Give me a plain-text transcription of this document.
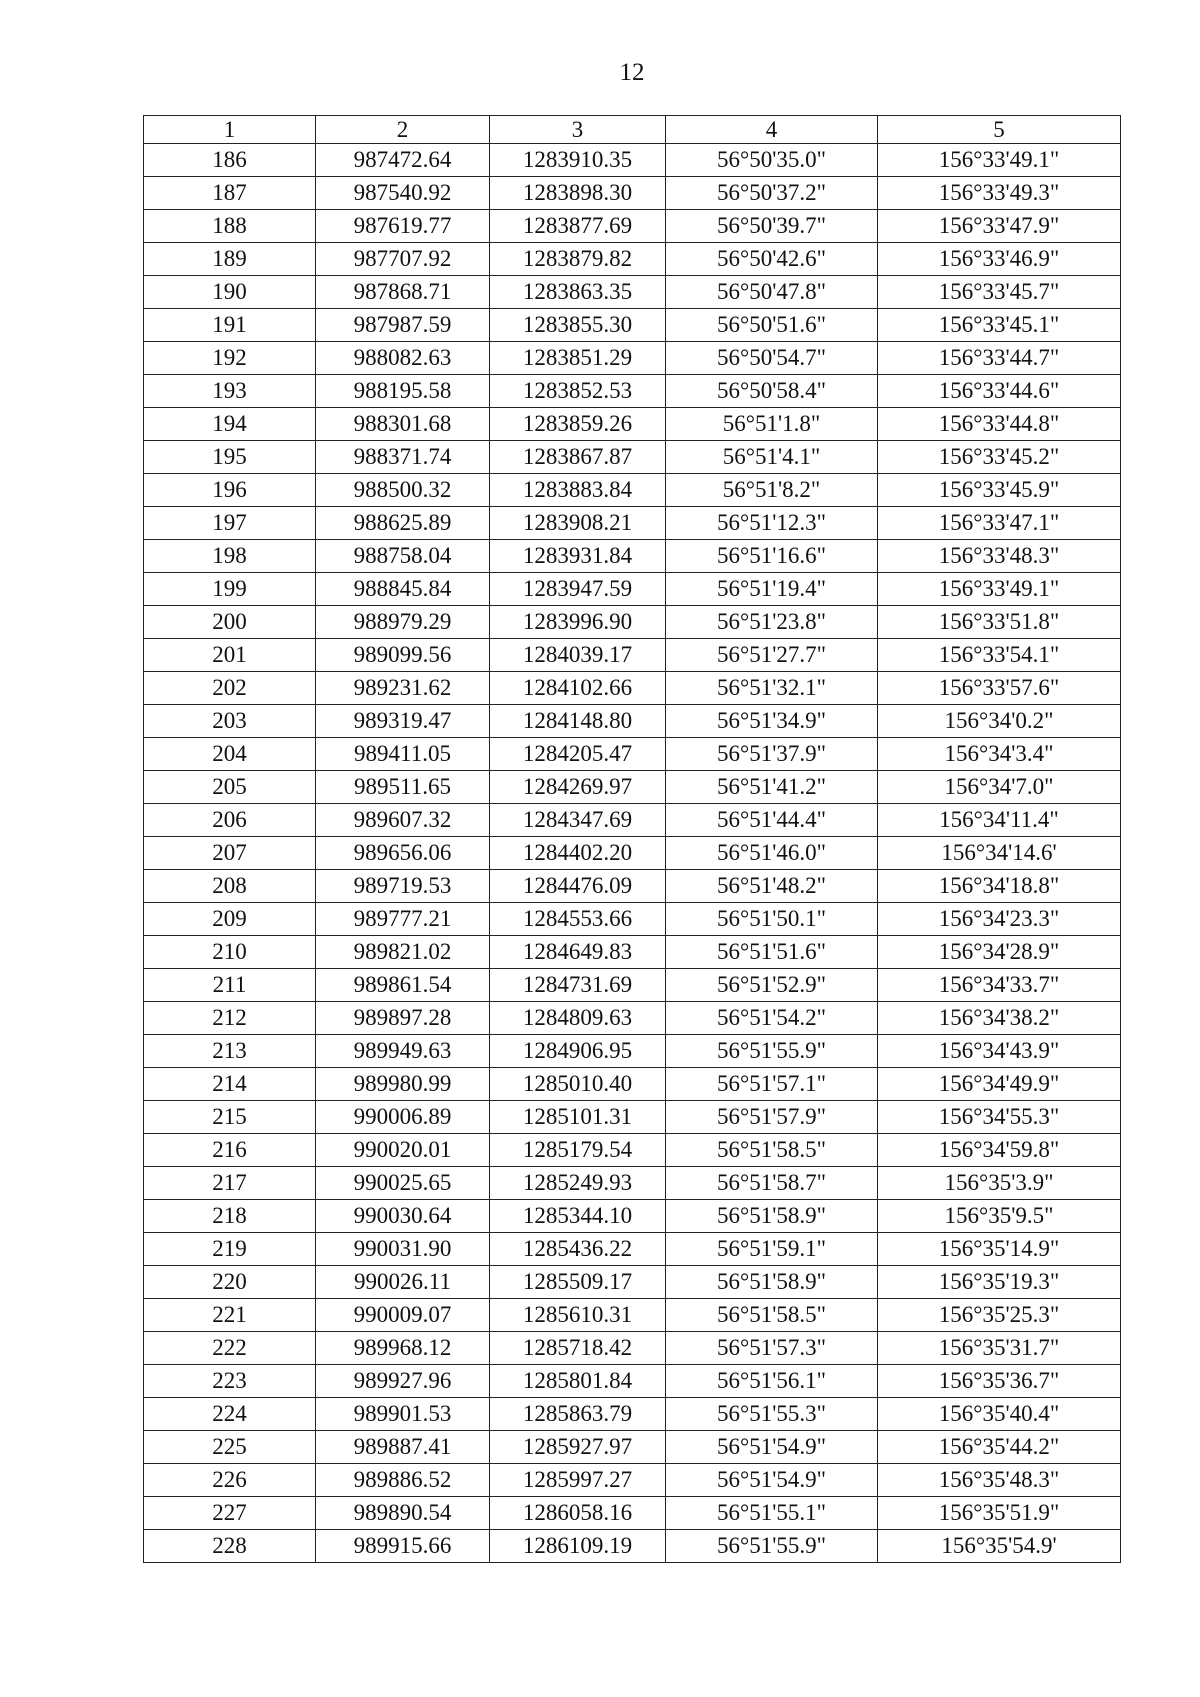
12
1	2	3	4	5
186	987472.64	1283910.35	56°50'35.0"	156°33'49.1"
187	987540.92	1283898.30	56°50'37.2"	156°33'49.3"
188	987619.77	1283877.69	56°50'39.7"	156°33'47.9"
189	987707.92	1283879.82	56°50'42.6"	156°33'46.9"
190	987868.71	1283863.35	56°50'47.8"	156°33'45.7"
191	987987.59	1283855.30	56°50'51.6"	156°33'45.1"
192	988082.63	1283851.29	56°50'54.7"	156°33'44.7"
193	988195.58	1283852.53	56°50'58.4"	156°33'44.6"
194	988301.68	1283859.26	56°51'1.8"	156°33'44.8"
195	988371.74	1283867.87	56°51'4.1"	156°33'45.2"
196	988500.32	1283883.84	56°51'8.2"	156°33'45.9"
197	988625.89	1283908.21	56°51'12.3"	156°33'47.1"
198	988758.04	1283931.84	56°51'16.6"	156°33'48.3"
199	988845.84	1283947.59	56°51'19.4"	156°33'49.1"
200	988979.29	1283996.90	56°51'23.8"	156°33'51.8"
201	989099.56	1284039.17	56°51'27.7"	156°33'54.1"
202	989231.62	1284102.66	56°51'32.1"	156°33'57.6"
203	989319.47	1284148.80	56°51'34.9"	156°34'0.2"
204	989411.05	1284205.47	56°51'37.9"	156°34'3.4"
205	989511.65	1284269.97	56°51'41.2"	156°34'7.0"
206	989607.32	1284347.69	56°51'44.4"	156°34'11.4"
207	989656.06	1284402.20	56°51'46.0"	156°34'14.6'
208	989719.53	1284476.09	56°51'48.2"	156°34'18.8"
209	989777.21	1284553.66	56°51'50.1"	156°34'23.3"
210	989821.02	1284649.83	56°51'51.6"	156°34'28.9"
211	989861.54	1284731.69	56°51'52.9"	156°34'33.7"
212	989897.28	1284809.63	56°51'54.2"	156°34'38.2"
213	989949.63	1284906.95	56°51'55.9"	156°34'43.9"
214	989980.99	1285010.40	56°51'57.1"	156°34'49.9"
215	990006.89	1285101.31	56°51'57.9"	156°34'55.3"
216	990020.01	1285179.54	56°51'58.5"	156°34'59.8"
217	990025.65	1285249.93	56°51'58.7"	156°35'3.9"
218	990030.64	1285344.10	56°51'58.9"	156°35'9.5"
219	990031.90	1285436.22	56°51'59.1"	156°35'14.9"
220	990026.11	1285509.17	56°51'58.9"	156°35'19.3"
221	990009.07	1285610.31	56°51'58.5"	156°35'25.3"
222	989968.12	1285718.42	56°51'57.3"	156°35'31.7"
223	989927.96	1285801.84	56°51'56.1"	156°35'36.7"
224	989901.53	1285863.79	56°51'55.3"	156°35'40.4"
225	989887.41	1285927.97	56°51'54.9"	156°35'44.2"
226	989886.52	1285997.27	56°51'54.9"	156°35'48.3"
227	989890.54	1286058.16	56°51'55.1"	156°35'51.9"
228	989915.66	1286109.19	56°51'55.9"	156°35'54.9'
